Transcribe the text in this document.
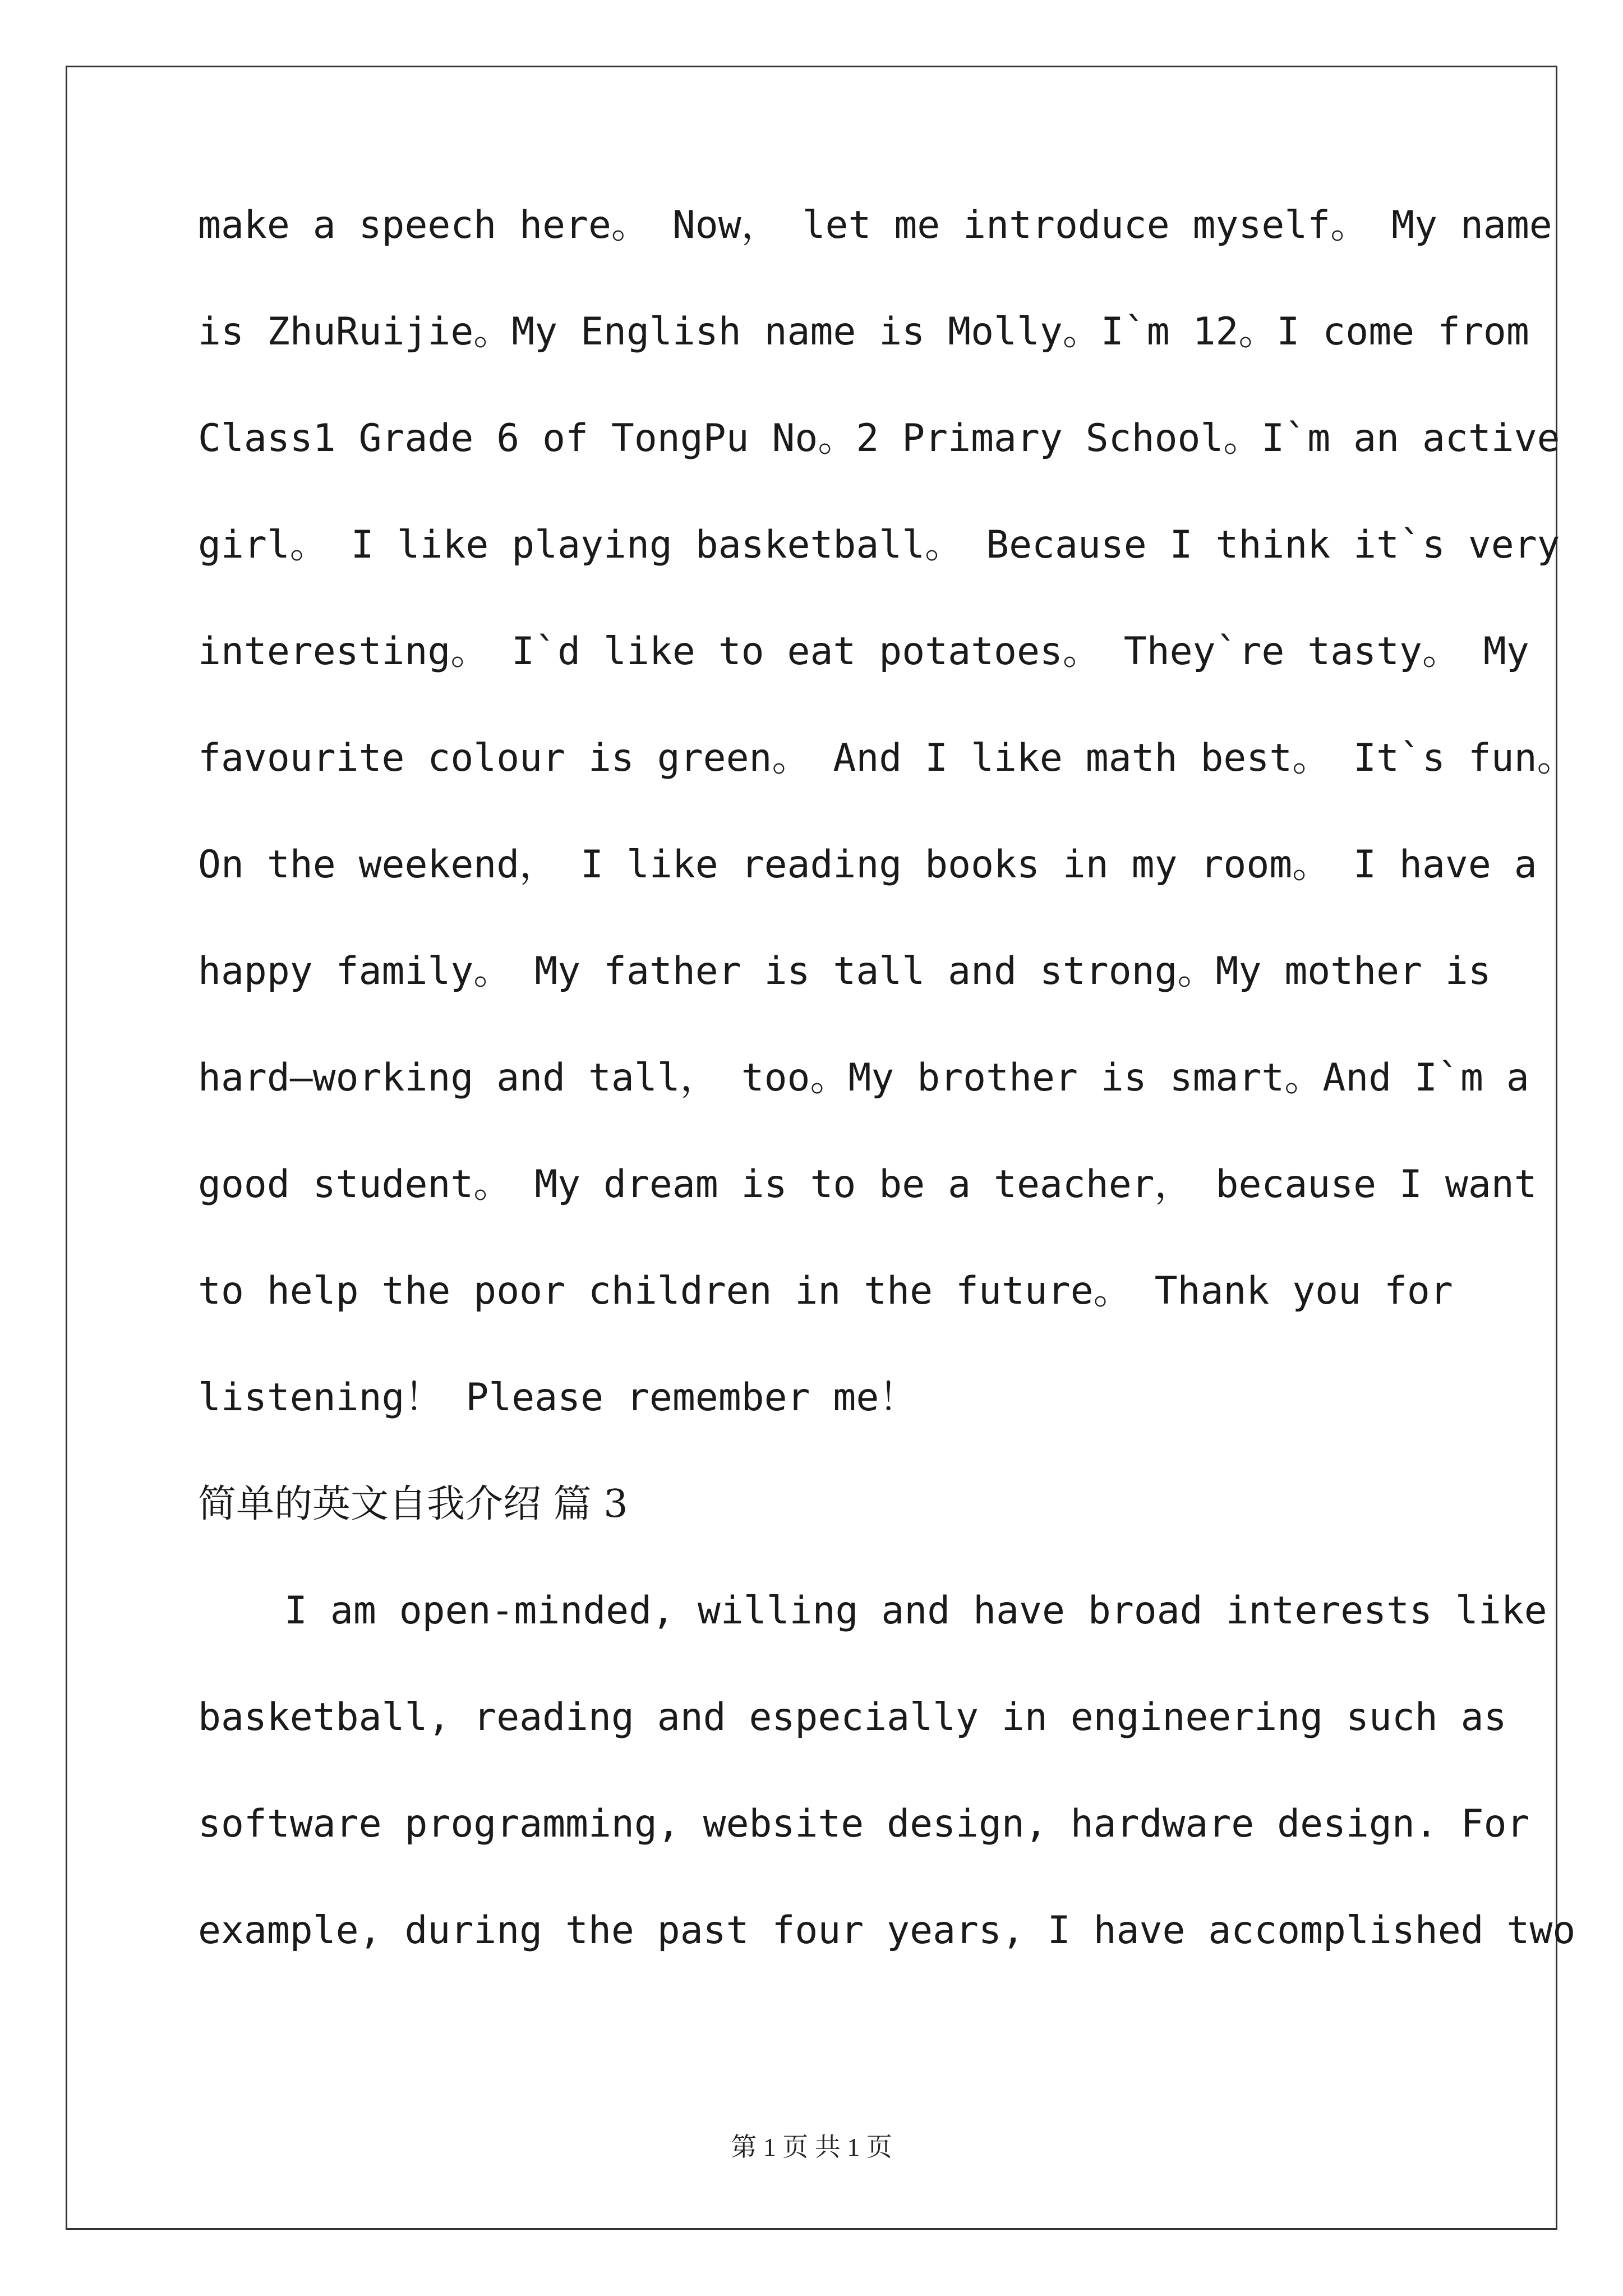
make a speech here。 Now， let me introduce myself。 My name
is ZhuRuijie。My English name is Molly。I`m 12。I come from
Class1 Grade 6 of TongPu No。2 Primary School。I`m an active
girl。 I like playing basketball。 Because I think it`s very
interesting。 I`d like to eat potatoes。 They`re tasty。 My
favourite colour is green。 And I like math best。 It`s fun。
On the weekend， I like reading books in my room。 I have a
happy family。 My father is tall and strong。My mother is
hard—working and tall， too。My brother is smart。And I`m a
good student。 My dream is to be a teacher， because I want
to help the poor children in the future。 Thank you for
listening！ Please remember me！
简单的英文自我介绍 篇 3
I am open-minded, willing and have broad interests like
basketball, reading and especially in engineering such as
software programming, website design, hardware design. For
example, during the past four years, I have accomplished two
第 1 页 共 1 页
